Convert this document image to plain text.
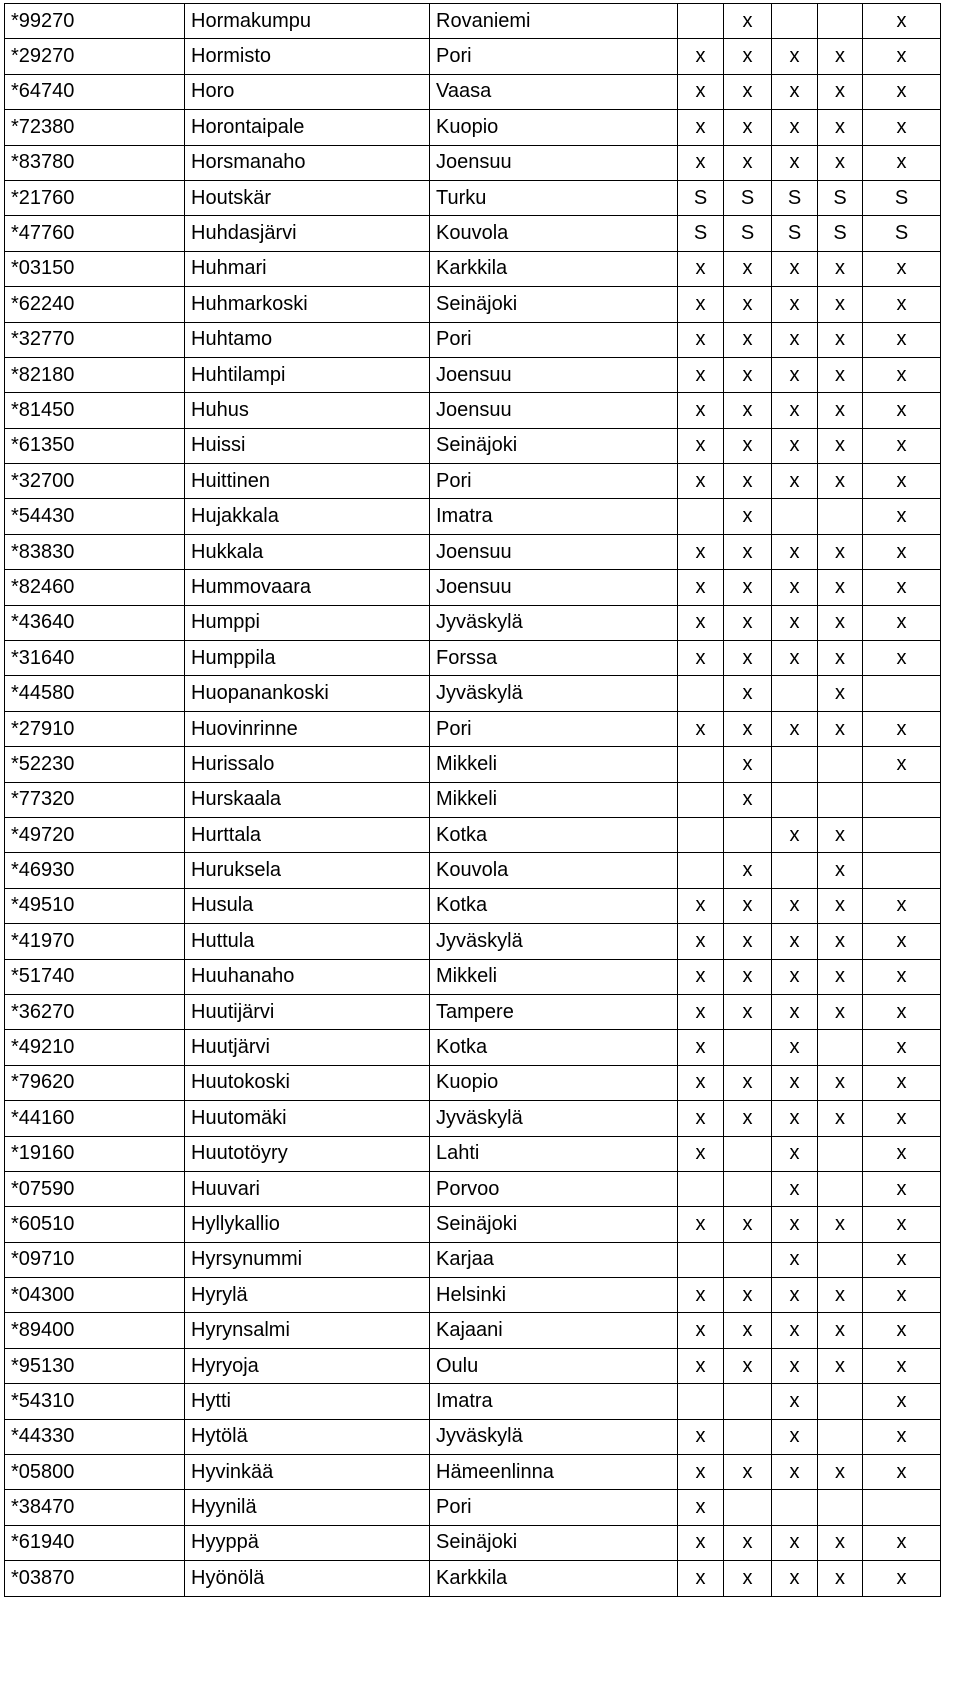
*99270	Hormakumpu	Rovaniemi		x			x
*29270	Hormisto	Pori	x	x	x	x	x
*64740	Horo	Vaasa	x	x	x	x	x
*72380	Horontaipale	Kuopio	x	x	x	x	x
*83780	Horsmanaho	Joensuu	x	x	x	x	x
*21760	Houtskär	Turku	S	S	S	S	S
*47760	Huhdasjärvi	Kouvola	S	S	S	S	S
*03150	Huhmari	Karkkila	x	x	x	x	x
*62240	Huhmarkoski	Seinäjoki	x	x	x	x	x
*32770	Huhtamo	Pori	x	x	x	x	x
*82180	Huhtilampi	Joensuu	x	x	x	x	x
*81450	Huhus	Joensuu	x	x	x	x	x
*61350	Huissi	Seinäjoki	x	x	x	x	x
*32700	Huittinen	Pori	x	x	x	x	x
*54430	Hujakkala	Imatra		x			x
*83830	Hukkala	Joensuu	x	x	x	x	x
*82460	Hummovaara	Joensuu	x	x	x	x	x
*43640	Humppi	Jyväskylä	x	x	x	x	x
*31640	Humppila	Forssa	x	x	x	x	x
*44580	Huopanankoski	Jyväskylä		x		x	
*27910	Huovinrinne	Pori	x	x	x	x	x
*52230	Hurissalo	Mikkeli		x			x
*77320	Hurskaala	Mikkeli		x			
*49720	Hurttala	Kotka			x	x	
*46930	Huruksela	Kouvola		x		x	
*49510	Husula	Kotka	x	x	x	x	x
*41970	Huttula	Jyväskylä	x	x	x	x	x
*51740	Huuhanaho	Mikkeli	x	x	x	x	x
*36270	Huutijärvi	Tampere	x	x	x	x	x
*49210	Huutjärvi	Kotka	x		x		x
*79620	Huutokoski	Kuopio	x	x	x	x	x
*44160	Huutomäki	Jyväskylä	x	x	x	x	x
*19160	Huutotöyry	Lahti	x		x		x
*07590	Huuvari	Porvoo			x		x
*60510	Hyllykallio	Seinäjoki	x	x	x	x	x
*09710	Hyrsynummi	Karjaa			x		x
*04300	Hyrylä	Helsinki	x	x	x	x	x
*89400	Hyrynsalmi	Kajaani	x	x	x	x	x
*95130	Hyryoja	Oulu	x	x	x	x	x
*54310	Hytti	Imatra			x		x
*44330	Hytölä	Jyväskylä	x		x		x
*05800	Hyvinkää	Hämeenlinna	x	x	x	x	x
*38470	Hyynilä	Pori	x				
*61940	Hyyppä	Seinäjoki	x	x	x	x	x
*03870	Hyönölä	Karkkila	x	x	x	x	x
